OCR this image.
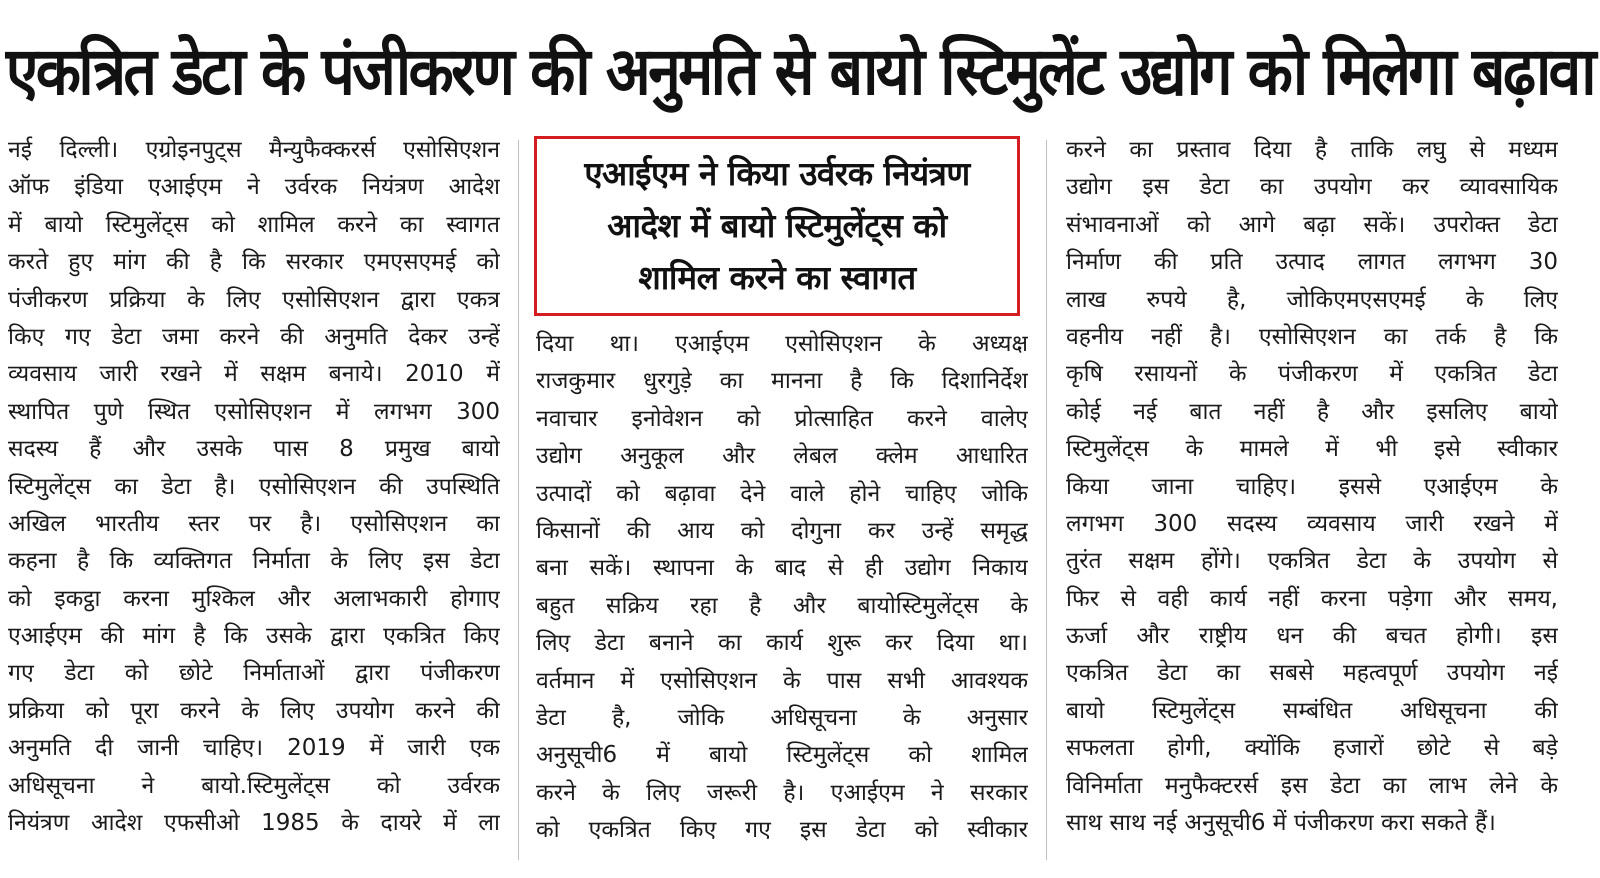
एकत्रित डेटा के पंजीकरण की अनुमति से बायो स्टिमुलेंट उद्योग को मिलेगा बढ़ावा
एआईएम ने किया उर्वरक नियंत्रण
आदेश में बायो स्टिमुलेंट्स को
शामिल करने का स्वागत
नई दिल्ली। एग्रोइनपुट्स मैन्युफैक्करर्स एसोसिएशन
ऑफ इंडिया एआईएम ने उर्वरक नियंत्रण आदेश
में बायो स्टिमुलेंट्स को शामिल करने का स्वागत
करते हुए मांग की है कि सरकार एमएसएमई को
पंजीकरण प्रक्रिया के लिए एसोसिएशन द्वारा एकत्र
किए गए डेटा जमा करने की अनुमति देकर उन्हें
व्यवसाय जारी रखने में सक्षम बनाये। 2010 में
स्थापित पुणे स्थित एसोसिएशन में लगभग 300
सदस्य हैं और उसके पास 8 प्रमुख बायो
स्टिमुलेंट्स का डेटा है। एसोसिएशन की उपस्थिति
अखिल भारतीय स्तर पर है। एसोसिएशन का
कहना है कि व्यक्तिगत निर्माता के लिए इस डेटा
को इकट्ठा करना मुश्किल और अलाभकारी होगाए
एआईएम की मांग है कि उसके द्वारा एकत्रित किए
गए डेटा को छोटे निर्माताओं द्वारा पंजीकरण
प्रक्रिया को पूरा करने के लिए उपयोग करने की
अनुमति दी जानी चाहिए। 2019 में जारी एक
अधिसूचना ने बायो.स्टिमुलेंट्स को उर्वरक
नियंत्रण आदेश एफसीओ 1985 के दायरे में ला
दिया था। एआईएम एसोसिएशन के अध्यक्ष
राजकुमार धुरगुड़े का मानना है कि दिशानिर्देश
नवाचार इनोवेशन को प्रोत्साहित करने वालेए
उद्योग अनुकूल और लेबल क्लेम आधारित
उत्पादों को बढ़ावा देने वाले होने चाहिए जोकि
किसानों की आय को दोगुना कर उन्हें समृद्ध
बना सकें। स्थापना के बाद से ही उद्योग निकाय
बहुत सक्रिय रहा है और बायोस्टिमुलेंट्स के
लिए डेटा बनाने का कार्य शुरू कर दिया था।
वर्तमान में एसोसिएशन के पास सभी आवश्यक
डेटा है, जोकि अधिसूचना के अनुसार
अनुसूची6 में बायो स्टिमुलेंट्स को शामिल
करने के लिए जरूरी है। एआईएम ने सरकार
को एकत्रित किए गए इस डेटा को स्वीकार
करने का प्रस्ताव दिया है ताकि लघु से मध्यम
उद्योग इस डेटा का उपयोग कर व्यावसायिक
संभावनाओं को आगे बढ़ा सकें। उपरोक्त डेटा
निर्माण की प्रति उत्पाद लागत लगभग 30
लाख रुपये है, जोकिएमएसएमई के लिए
वहनीय नहीं है। एसोसिएशन का तर्क है कि
कृषि रसायनों के पंजीकरण में एकत्रित डेटा
कोई नई बात नहीं है और इसलिए बायो
स्टिमुलेंट्स के मामले में भी इसे स्वीकार
किया जाना चाहिए। इससे एआईएम के
लगभग 300 सदस्य व्यवसाय जारी रखने में
तुरंत सक्षम होंगे। एकत्रित डेटा के उपयोग से
फिर से वही कार्य नहीं करना पड़ेगा और समय,
ऊर्जा और राष्ट्रीय धन की बचत होगी। इस
एकत्रित डेटा का सबसे महत्वपूर्ण उपयोग नई
बायो स्टिमुलेंट्स सम्बंधित अधिसूचना की
सफलता होगी, क्योंकि हजारों छोटे से बड़े
विनिर्माता मनुफैक्टरर्स इस डेटा का लाभ लेने के
साथ साथ नई अनुसूची6 में पंजीकरण करा सकते हैं।
